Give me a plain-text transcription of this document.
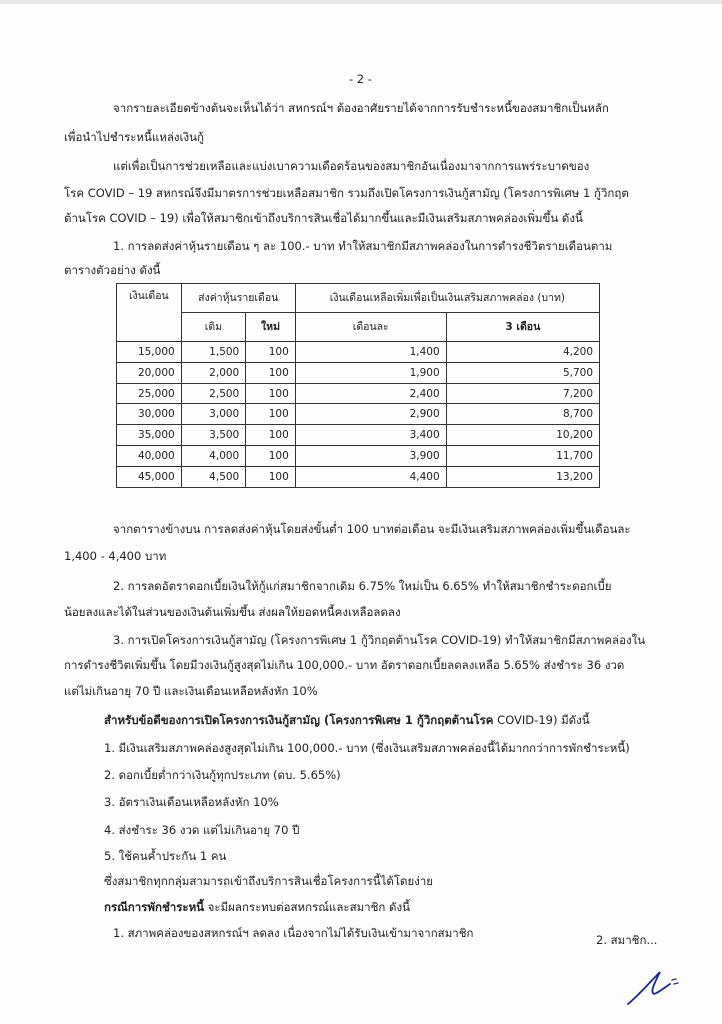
- 2 -
จากรายละเอียดข้างต้นจะเห็นได้ว่า สหกรณ์ฯ ต้องอาศัยรายได้จากการรับชำระหนี้ของสมาชิกเป็นหลัก
เพื่อนำไปชำระหนี้แหล่งเงินกู้
แต่เพื่อเป็นการช่วยเหลือและแบ่งเบาความเดือดร้อนของสมาชิกอันเนื่องมาจากการแพร่ระบาดของ
โรค COVID – 19 สหกรณ์จึงมีมาตรการช่วยเหลือสมาชิก รวมถึงเปิดโครงการเงินกู้สามัญ (โครงการพิเศษ 1 กู้วิกฤต
ต้านโรค COVID – 19) เพื่อให้สมาชิกเข้าถึงบริการสินเชื่อได้มากขึ้นและมีเงินเสริมสภาพคล่องเพิ่มขึ้น ดังนี้
1. การลดส่งค่าหุ้นรายเดือน ๆ ละ 100.- บาท ทำให้สมาชิกมีสภาพคล่องในการดำรงชีวิตรายเดือนตาม
ตารางตัวอย่าง ดังนี้
เงินเดือน	ส่งค่าหุ้นรายเดือน		เงินเดือนเหลือเพิ่มเพื่อเป็นเงินเสริมสภาพคล่อง (บาท)	
	เดิม	ใหม่	เดือนละ	3 เดือน
15,000	1,500	100	1,400	4,200
20,000	2,000	100	1,900	5,700
25,000	2,500	100	2,400	7,200
30,000	3,000	100	2,900	8,700
35,000	3,500	100	3,400	10,200
40,000	4,000	100	3,900	11,700
45,000	4,500	100	4,400	13,200
จากตารางข้างบน การลดส่งค่าหุ้นโดยส่งขั้นต่ำ 100 บาทต่อเดือน จะมีเงินเสริมสภาพคล่องเพิ่มขึ้นเดือนละ
1,400 - 4,400 บาท
2. การลดอัตราดอกเบี้ยเงินให้กู้แก่สมาชิกจากเดิม 6.75% ใหม่เป็น 6.65% ทำให้สมาชิกชำระดอกเบี้ย
น้อยลงและได้ในส่วนของเงินต้นเพิ่มขึ้น ส่งผลให้ยอดหนี้คงเหลือลดลง
3. การเปิดโครงการเงินกู้สามัญ (โครงการพิเศษ 1 กู้วิกฤตต้านโรค COVID-19) ทำให้สมาชิกมีสภาพคล่องใน
การดำรงชีวิตเพิ่มขึ้น โดยมีวงเงินกู้สูงสุดไม่เกิน 100,000.- บาท อัตราดอกเบี้ยลดลงเหลือ 5.65% ส่งชำระ 36 งวด
แต่ไม่เกินอายุ 70 ปี และเงินเดือนเหลือหลังหัก 10%
สำหรับข้อดีของการเปิดโครงการเงินกู้สามัญ (โครงการพิเศษ 1 กู้วิกฤตต้านโรค COVID-19) มีดังนี้
1. มีเงินเสริมสภาพคล่องสูงสุดไม่เกิน 100,000.- บาท (ซึ่งเงินเสริมสภาพคล่องนี้ได้มากกว่าการพักชำระหนี้)
2. ดอกเบี้ยต่ำกว่าเงินกู้ทุกประเภท (ดบ. 5.65%)
3. อัตราเงินเดือนเหลือหลังหัก 10%
4. ส่งชำระ 36 งวด แต่ไม่เกินอายุ 70 ปี
5. ใช้คนค้ำประกัน 1 คน
ซึ่งสมาชิกทุกกลุ่มสามารถเข้าถึงบริการสินเชื่อโครงการนี้ได้โดยง่าย
กรณีการพักชำระหนี้ จะมีผลกระทบต่อสหกรณ์และสมาชิก ดังนี้
1. สภาพคล่องของสหกรณ์ฯ ลดลง เนื่องจากไม่ได้รับเงินเข้ามาจากสมาชิก	2. สมาชิก...
